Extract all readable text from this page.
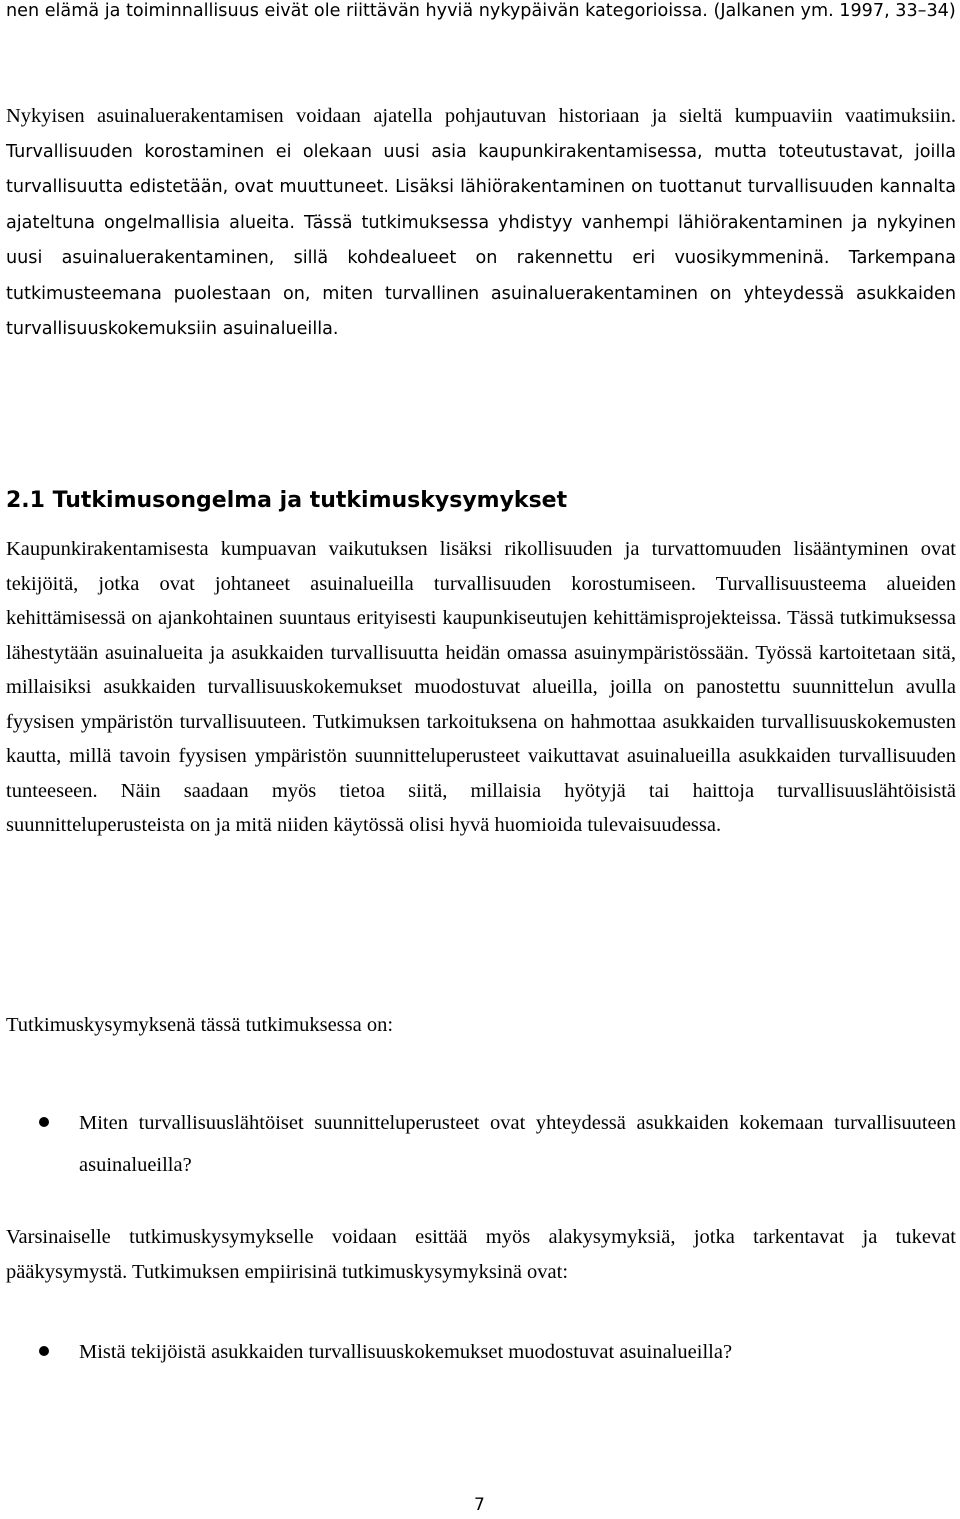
nen elämä ja toiminnallisuus eivät ole riittävän hyviä nykypäivän kategorioissa. (Jalkanen ym. 1997, 33–34)

Nykyisen asuinaluerakentamisen voidaan ajatella pohjautuvan historiaan ja sieltä kumpuaviin vaatimuksiin. Turvallisuuden korostaminen ei olekaan uusi asia kaupunkirakentamisessa, mutta toteutustavat, joilla turvallisuutta edistetään, ovat muuttuneet. Lisäksi lähiörakentaminen on tuottanut turvallisuuden kannalta ajateltuna ongelmallisia alueita. Tässä tutkimuksessa yhdistyy vanhempi lähiörakentaminen ja nykyinen uusi asuinaluerakentaminen, sillä kohdealueet on rakennettu eri vuosikymmeninä. Tarkempana tutkimusteemana puolestaan on, miten turvallinen asuinaluerakentaminen on yhteydessä asukkaiden turvallisuuskokemuksiin asuinalueilla.

2.1 Tutkimusongelma ja tutkimuskysymykset

Kaupunkirakentamisesta kumpuavan vaikutuksen lisäksi rikollisuuden ja turvattomuuden lisääntyminen ovat tekijöitä, jotka ovat johtaneet asuinalueilla turvallisuuden korostumiseen. Turvallisuusteema alueiden kehittämisessä on ajankohtainen suuntaus erityisesti kaupunkiseutujen kehittämisprojekteissa. Tässä tutkimuksessa lähestytään asuinalueita ja asukkaiden turvallisuutta heidän omassa asuinympäristössään. Työssä kartoitetaan sitä, millaisiksi asukkaiden turvallisuuskokemukset muodostuvat alueilla, joilla on panostettu suunnittelun avulla fyysisen ympäristön turvallisuuteen. Tutkimuksen tarkoituksena on hahmottaa asukkaiden turvallisuuskokemusten kautta, millä tavoin fyysisen ympäristön suunnitteluperusteet vaikuttavat asuinalueilla asukkaiden turvallisuuden tunteeseen. Näin saadaan myös tietoa siitä, millaisia hyötyjä tai haittoja turvallisuuslähtöisistä suunnitteluperusteista on ja mitä niiden käytössä olisi hyvä huomioida tulevaisuudessa.

Tutkimuskysymyksenä tässä tutkimuksessa on:

Miten turvallisuuslähtöiset suunnitteluperusteet ovat yhteydessä asukkaiden kokemaan turvallisuuteen asuinalueilla?

Varsinaiselle tutkimuskysymykselle voidaan esittää myös alakysymyksiä, jotka tarkentavat ja tukevat pääkysymystä. Tutkimuksen empiirisinä tutkimuskysymyksinä ovat:

Mistä tekijöistä asukkaiden turvallisuuskokemukset muodostuvat asuinalueilla?

7
